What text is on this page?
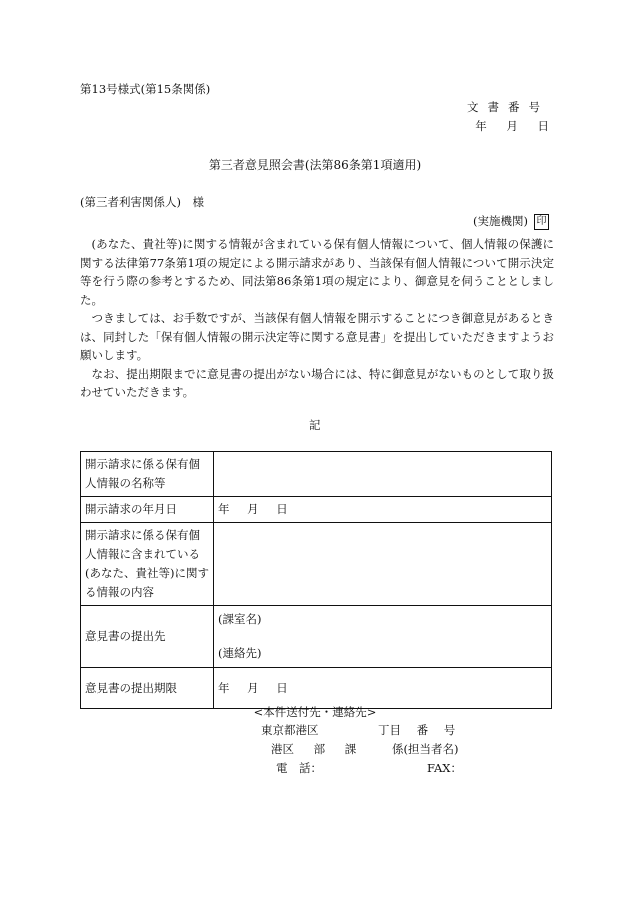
第13号様式(第15条関係)
文書番号
年 月 日
第三者意見照会書(法第86条第1項適用)
(第三者利害関係人)　様
(実施機関) 印

(あなた、貴社等)に関する情報が含まれている保有個人情報について、個人情報の保護に関する法律第77条第1項の規定による開示請求があり、当該保有個人情報について開示決定等を行う際の参考とするため、同法第86条第1項の規定により、御意見を伺うこととしました。

つきましては、お手数ですが、当該保有個人情報を開示することにつき御意見があるときは、同封した「保有個人情報の開示決定等に関する意見書」を提出していただきますようお願いします。

なお、提出期限までに意見書の提出がない場合には、特に御意見がないものとして取り扱わせていただきます。

記
開示請求に係る保有個人情報の名称等	
開示請求の年月日	年 月 日
開示請求に係る保有個人情報に含まれている(あなた、貴社等)に関する情報の内容	
意見書の提出先	(課室名)
(連絡先)

意見書の提出期限	年 月 日
<本件送付先・連絡先>
東京都港区	丁目 番 号
港区 部 課	係(担当者名)
電　話：	FAX：
